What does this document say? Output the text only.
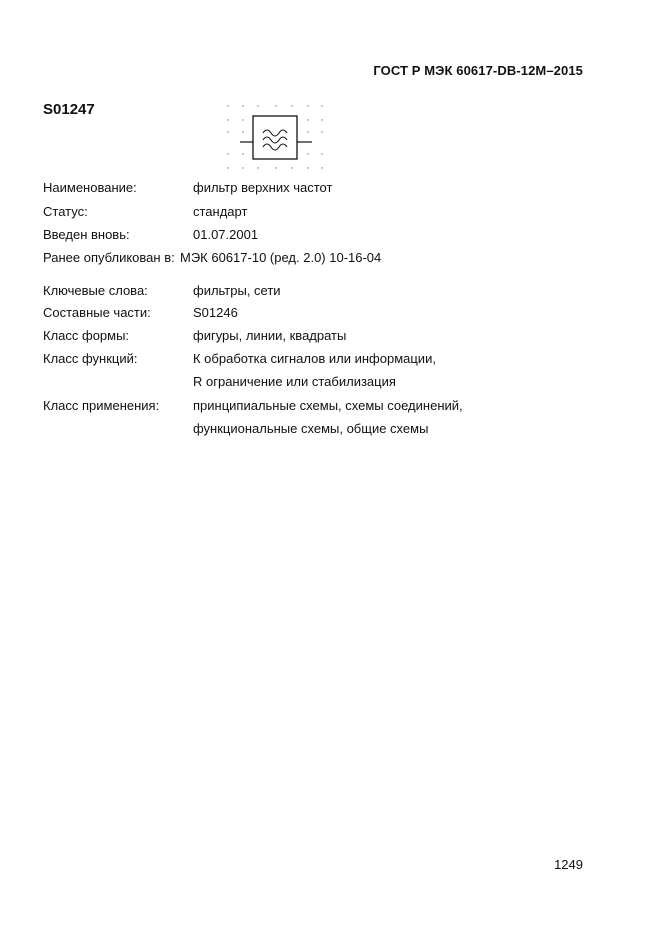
ГОСТ Р МЭК 60617-DB-12M–2015
S01247
Наименование:	фильтр верхних частот
Статус:	стандарт
Введен вновь:	01.07.2001
Ранее опубликован в: МЭК 60617-10 (ред. 2.0) 10-16-04
Ключевые слова:	фильтры, сети
Составные части:	S01246
Класс формы:	фигуры, линии, квадраты
Класс функций:	К обработка сигналов или информации,
R ограничение или стабилизация
Класс применения:	принципиальные схемы, схемы соединений,
функциональные схемы, общие схемы
1249
